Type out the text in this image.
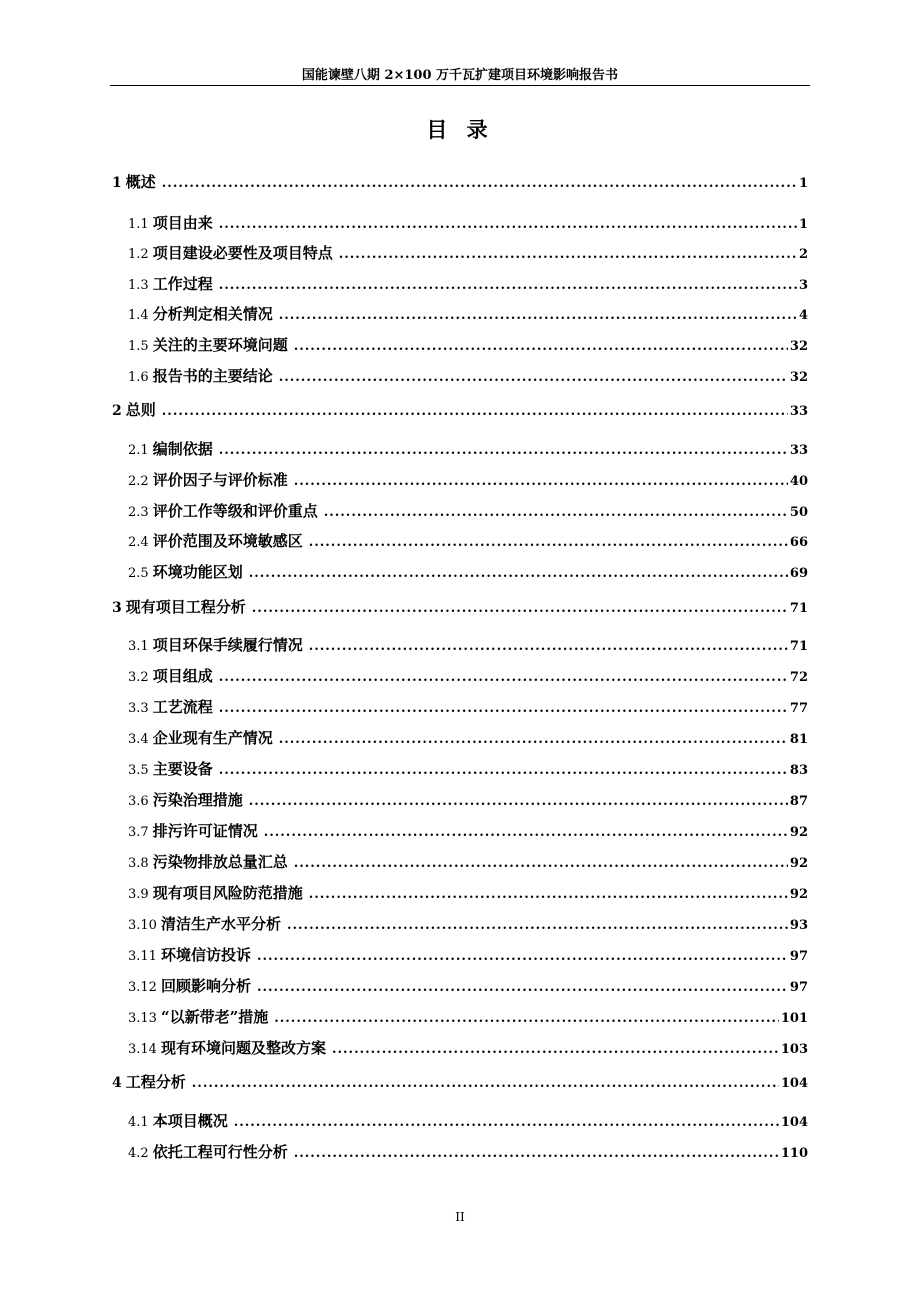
国能谏壁八期 2×100 万千瓦扩建项目环境影响报告书
目 录
1 概述 .....	1
1.1 项目由来 .....	1
1.2 项目建设必要性及项目特点 .....	2
1.3 工作过程 .....	3
1.4 分析判定相关情况 .....	4
1.5 关注的主要环境问题 .....	32
1.6 报告书的主要结论 .....	32
2 总则 .....	33
2.1 编制依据 .....	33
2.2 评价因子与评价标准 .....	40
2.3 评价工作等级和评价重点 .....	50
2.4 评价范围及环境敏感区 .....	66
2.5 环境功能区划 .....	69
3 现有项目工程分析 .....	71
3.1 项目环保手续履行情况 .....	71
3.2 项目组成 .....	72
3.3 工艺流程 .....	77
3.4 企业现有生产情况 .....	81
3.5 主要设备 .....	83
3.6 污染治理措施 .....	87
3.7 排污许可证情况 .....	92
3.8 污染物排放总量汇总 .....	92
3.9 现有项目风险防范措施 .....	92
3.10 清洁生产水平分析 .....	93
3.11 环境信访投诉 .....	97
3.12 回顾影响分析 .....	97
3.13 “以新带老”措施 .....	101
3.14 现有环境问题及整改方案 .....	103
4 工程分析 .....	104
4.1 本项目概况 .....	104
4.2 依托工程可行性分析 .....	110
II
